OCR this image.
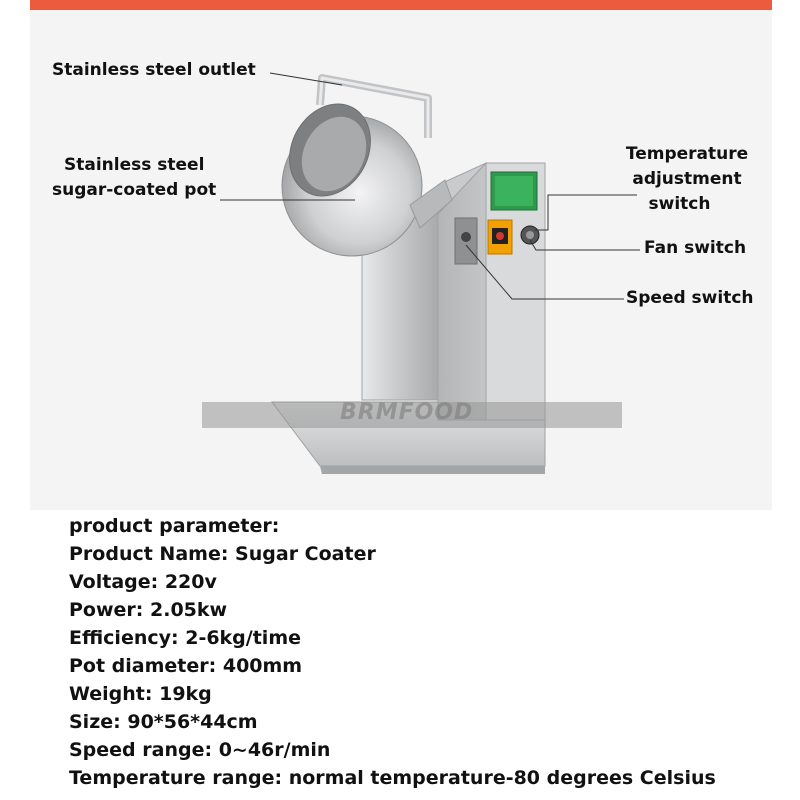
BRMFOOD
Stainless steel outlet
Stainless steel
sugar-coated pot
Temperature
adjustment
switch
Fan switch
Speed switch
product parameter:
Product Name: Sugar Coater
Voltage: 220v
Power: 2.05kw
Efficiency: 2-6kg/time
Pot diameter: 400mm
Weight: 19kg
Size: 90*56*44cm
Speed range: 0~46r/min
Temperature range: normal temperature-80 degrees Celsius
